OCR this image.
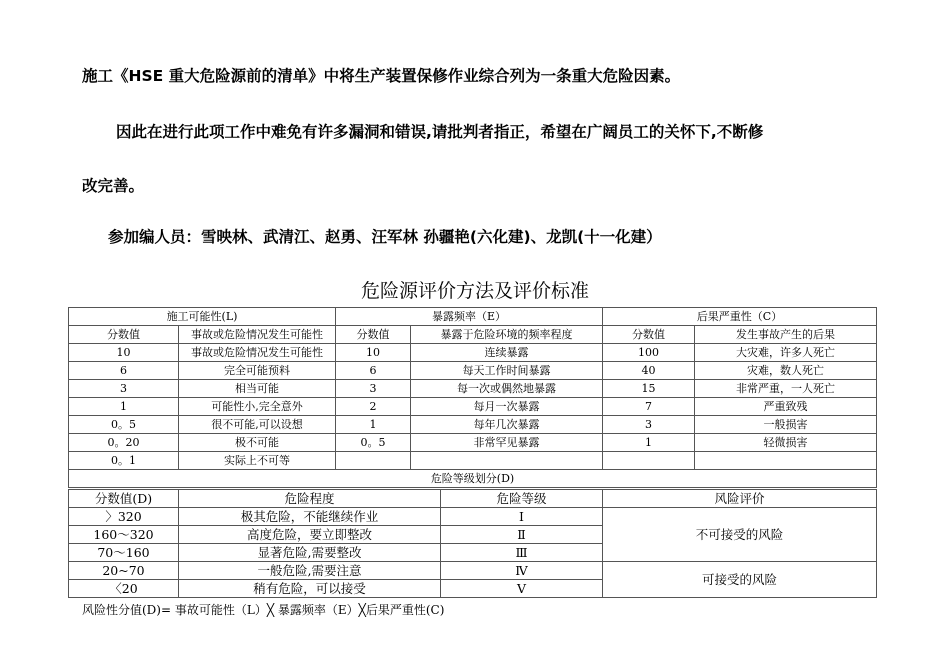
施工《HSE 重大危险源前的清单》中将生产装置保修作业综合列为一条重大危险因素。
因此在进行此项工作中难免有许多漏洞和错误,请批判者指正，希望在广阔员工的关怀下,不断修
改完善。
参加编人员：雪映林、武清江、赵勇、汪军林 孙疆艳(六化建)、龙凯(十一化建）
危险源评价方法及评价标准
施工可能性(L)		暴露频率（E）		后果严重性（C）	
分数值	事故或危险情况发生可能性	分数值	暴露于危险环境的频率程度	分数值	发生事故产生的后果
10	事故或危险情况发生可能性	10	连续暴露	100	大灾难，许多人死亡
6	完全可能预料	6	每天工作时间暴露	40	灾难，数人死亡
3	相当可能	3	每一次或偶然地暴露	15	非常严重，一人死亡
1	可能性小,完全意外	2	每月一次暴露	7	严重致残
0。5	很不可能,可以设想	1	每年几次暴露	3	一般损害
0。20	极不可能	0。5	非常罕见暴露	1	轻微损害
0。1	实际上不可等				
危险等级划分(D)					
分数值(D)	危险程度	危险等级	风险评价
〉320	极其危险，不能继续作业	Ⅰ	不可接受的风险
160～320	高度危险，要立即整改	Ⅱ	
70～160	显著危险,需要整改	Ⅲ	
20~70	一般危险,需要注意	Ⅳ	可接受的风险
〈20	稍有危险，可以接受	Ⅴ	
风险性分值(D)= 事故可能性（L）╳ 暴露频率（E）╳后果严重性(C)
